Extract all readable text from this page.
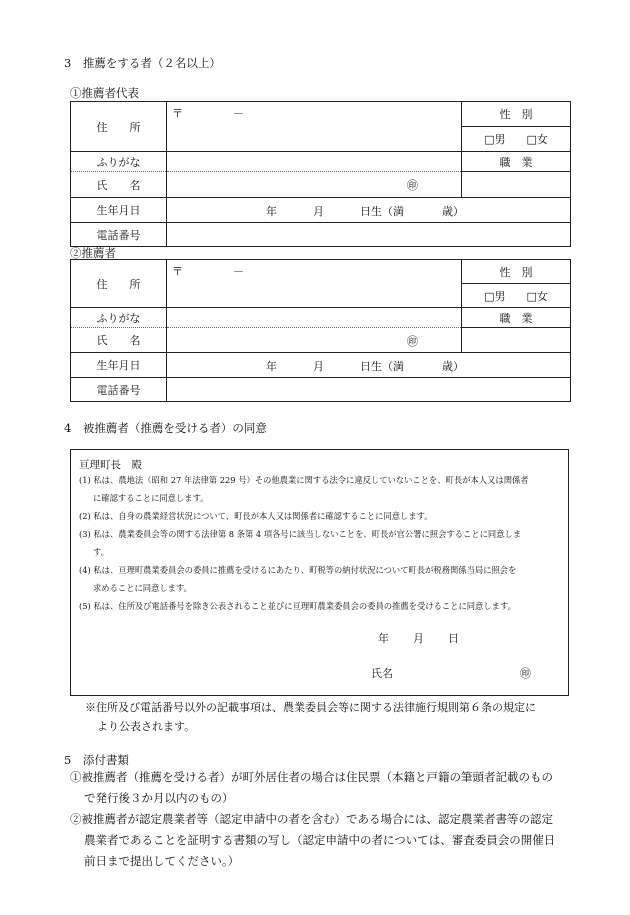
3　推薦をする者（２名以上）
①推薦者代表
住　　所	〒 －	性　別
		□男 □女
ふりがな		職　業
氏　　名	㊞	

生年月日	年 月 日生（満 歳）	

電話番号		
②推薦者
住　　所	〒 －	性　別
		□男 □女
ふりがな		職　業
氏　　名	㊞	

生年月日	年 月 日生（満 歳）	

電話番号		
4　被推薦者（推薦を受ける者）の同意
亘理町長　殿
(1) 私は、農地法（昭和 27 年法律第 229 号）その他農業に関する法令に違反していないことを、町長が本人又は関係者
に確認することに同意します。
(2) 私は、自身の農業経営状況について、町長が本人又は関係者に確認することに同意します。
(3) 私は、農業委員会等の関する法律第 8 条第 4 項各号に該当しないことを、町長が官公署に照会することに同意しま
す。
(4) 私は、亘理町農業委員会の委員に推薦を受けるにあたり、町税等の納付状況について町長が税務関係当局に照会を
求めることに同意します。
(5) 私は、住所及び電話番号を除き公表されること並びに亘理町農業委員会の委員の推薦を受けることに同意します。
年 月 日
氏名	㊞
※住所及び電話番号以外の記載事項は、農業委員会等に関する法律施行規則第６条の規定に
より公表されます。
5　添付書類
①被推薦者（推薦を受ける者）が町外居住者の場合は住民票（本籍と戸籍の筆頭者記載のもの
で発行後３か月以内のもの）
②被推薦者が認定農業者等（認定申請中の者を含む）である場合には、認定農業者書等の認定
農業者であることを証明する書類の写し（認定申請中の者については、審査委員会の開催日
前日まで提出してください。）
